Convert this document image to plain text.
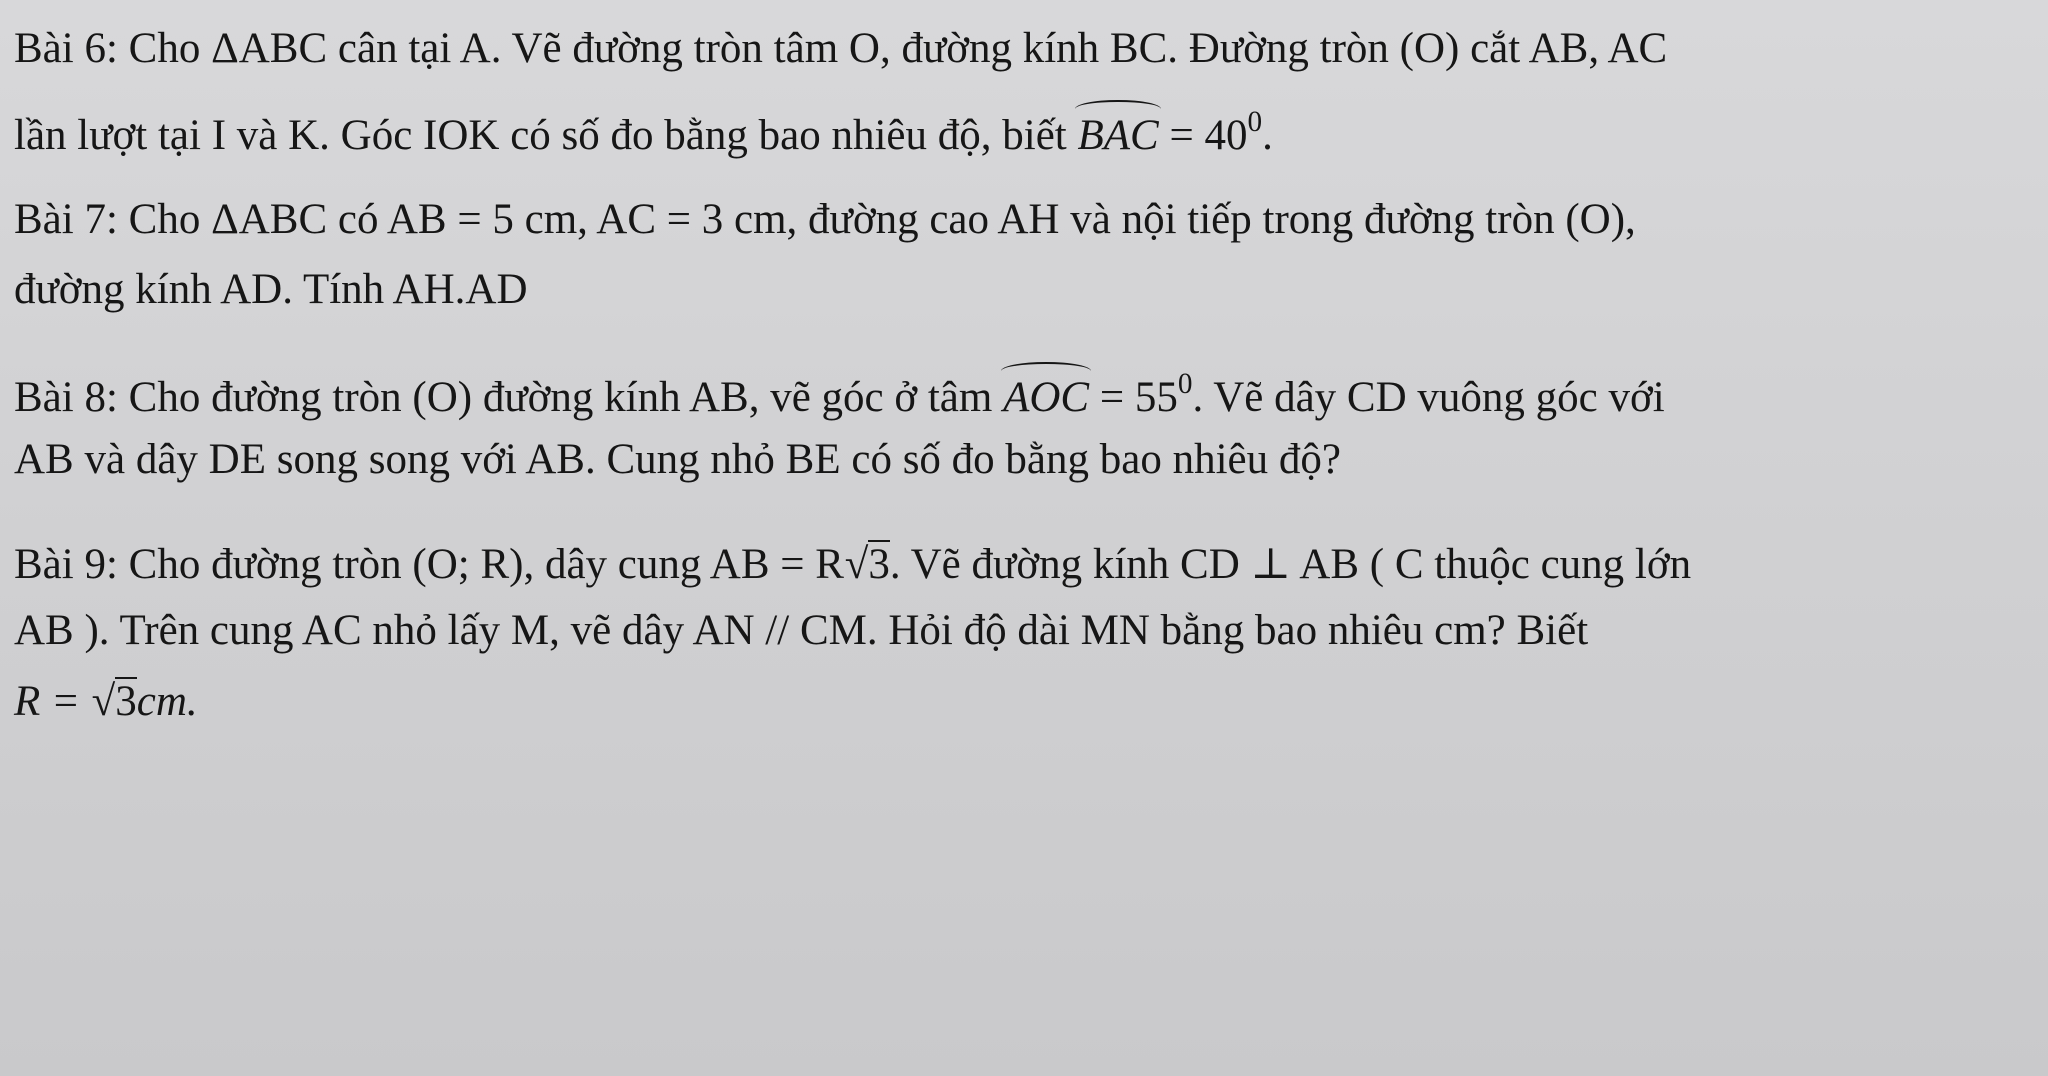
Bài 6: Cho ΔABC cân tại A. Vẽ đường tròn tâm O, đường kính BC. Đường tròn (O) cắt AB, AC
lần lượt tại I và K. Góc IOK có số đo bằng bao nhiêu độ, biết BAC = $40^0$.
Bài 7: Cho ΔABC có AB = 5 cm, AC = 3 cm, đường cao AH và nội tiếp trong đường tròn (O),
đường kính AD. Tính AH.AD
Bài 8: Cho đường tròn (O) đường kính AB, vẽ góc ở tâm AOC = $55^0$. Vẽ dây CD vuông góc với
AB và dây DE song song với AB. Cung nhỏ BE có số đo bằng bao nhiêu độ?
Bài 9: Cho đường tròn (O; R), dây cung AB = R√3. Vẽ đường kính CD ⊥ AB ( C thuộc cung lớn
AB ). Trên cung AC nhỏ lấy M, vẽ dây AN // CM. Hỏi độ dài MN bằng bao nhiêu cm? Biết
R = √3cm.
